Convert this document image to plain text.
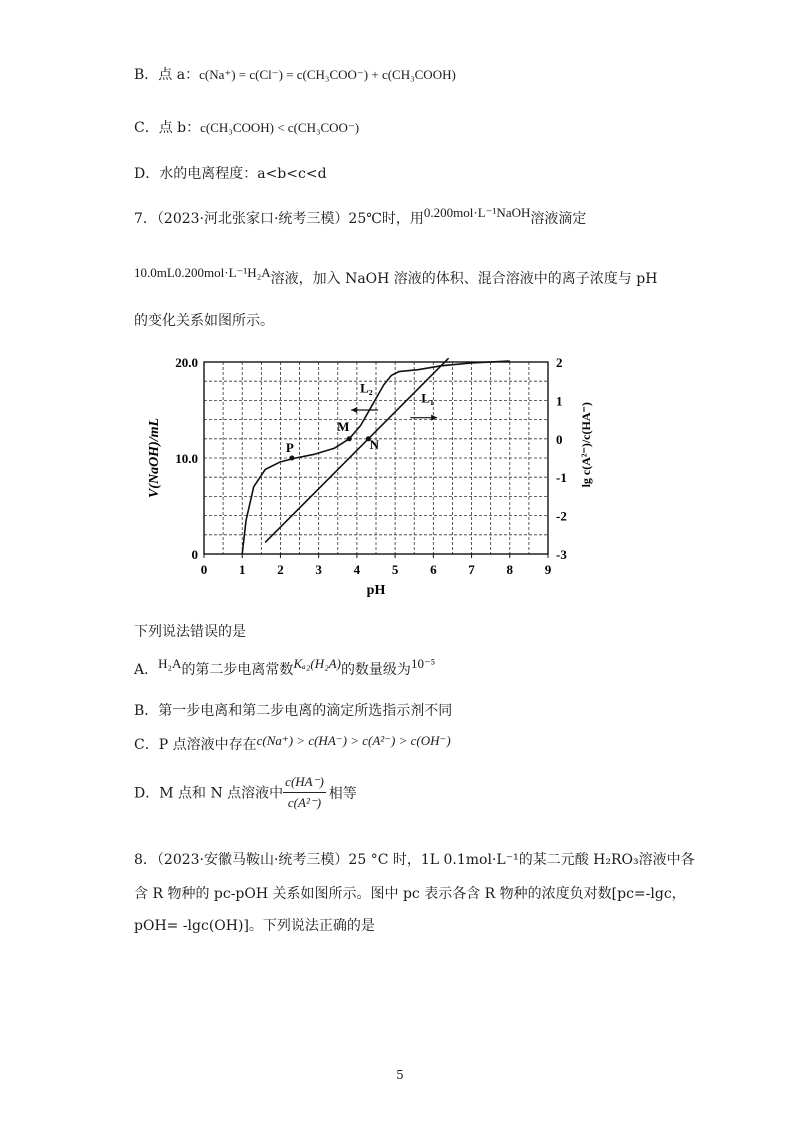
B．点 a：c(Na⁺) = c(Cl⁻) = c(CH₃COO⁻) + c(CH₃COOH)
C．点 b：c(CH₃COOH) < c(CH₃COO⁻)
D．水的电离程度：a<b<c<d
7．（2023·河北张家口·统考三模）25℃时，用0.200mol·L⁻¹NaOH溶液滴定
10.0mL0.200mol·L⁻¹H₂A溶液，加入 NaOH 溶液的体积、混合溶液中的离子浓度与 pH
的变化关系如图所示。
0 1 2 3 4 5 6 7 8 9
0
10.0
20.0	2
1
0
-1
-2
-3
pH
V(NaOH)/mL	lg c(A²⁻)/c(HA⁻)
P
M
N
L₂
L₁
下列说法错误的是
A．H₂A的第二步电离常数Kₐ₂(H₂A)的数量级为10⁻⁵
B．第一步电离和第二步电离的滴定所选指示剂不同
C．P 点溶液中存在c(Na⁺) > c(HA⁻) > c(A²⁻) > c(OH⁻)
D．M 点和 N 点溶液中 $\frac{c(HA^-)}{\text{c(A²⁻)}}$ 相等
8．（2023·安徽马鞍山·统考三模）25 °C 时，1L 0.1mol·L⁻¹的某二元酸 H₂RO₃溶液中各
含 R 物种的 pc-pOH 关系如图所示。图中 pc 表示各含 R 物种的浓度负对数[pc=-lgc，
pOH= -lgc(OH)]。下列说法正确的是
5
